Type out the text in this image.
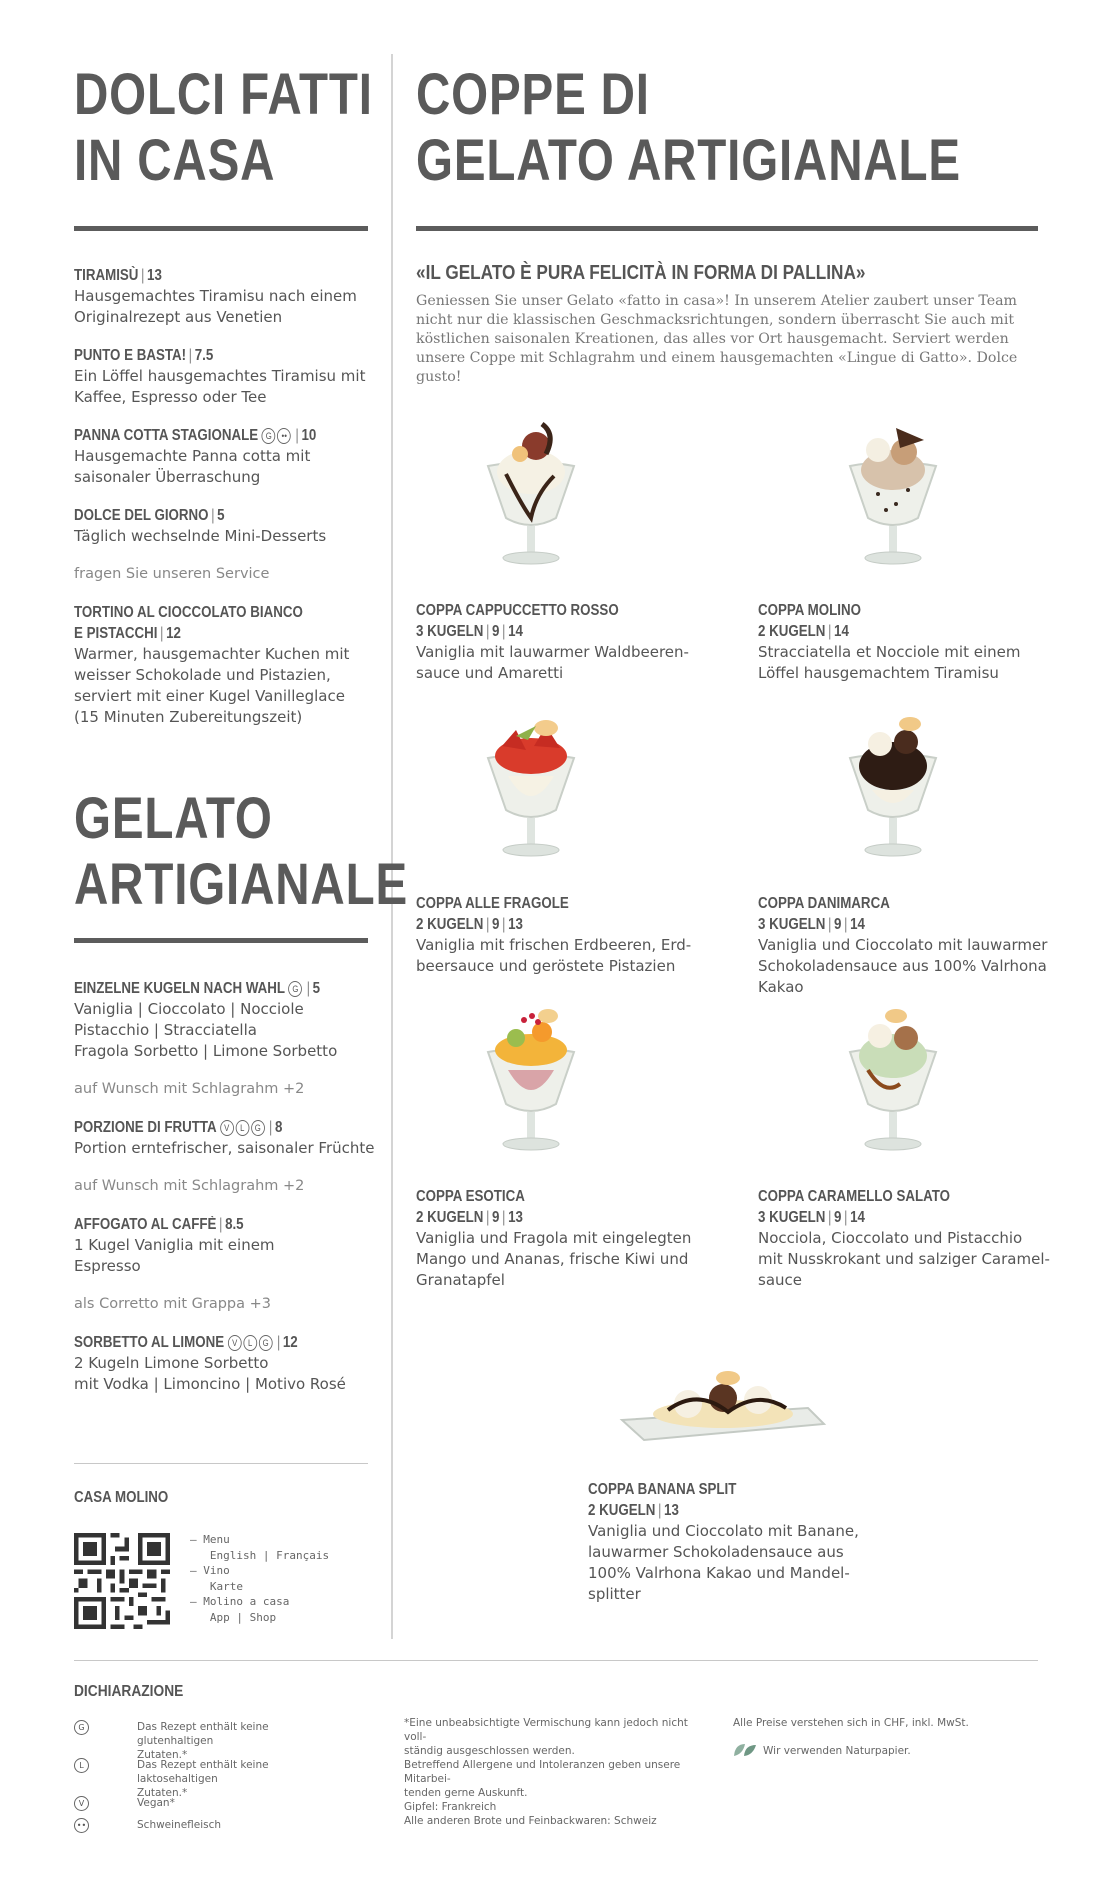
DOLCI FATTI
IN CASA
TIRAMISÙ | 13
Hausgemachtes Tiramisu nach einem
Originalrezept aus Venetien
PUNTO E BASTA! | 7.5
Ein Löffel hausgemachtes Tiramisu mit
Kaffee, Espresso oder Tee
PANNA COTTA STAGIONALE G •• | 10
Hausgemachte Panna cotta mit
saisonaler Überraschung
DOLCE DEL GIORNO | 5
Täglich wechselnde Mini-Desserts
fragen Sie unseren Service
TORTINO AL CIOCCOLATO BIANCO
E PISTACCHI | 12
Warmer, hausgemachter Kuchen mit
weisser Schokolade und Pistazien,
serviert mit einer Kugel Vanilleglace
(15 Minuten Zubereitungszeit)
GELATO
ARTIGIANALE
EINZELNE KUGELN NACH WAHL G | 5
Vaniglia | Cioccolato | Nocciole
Pistacchio | Stracciatella
Fragola Sorbetto | Limone Sorbetto
auf Wunsch mit Schlagrahm +2
PORZIONE DI FRUTTA V L G | 8
Portion erntefrischer, saisonaler Früchte
auf Wunsch mit Schlagrahm +2
AFFOGATO AL CAFFÈ | 8.5
1 Kugel Vaniglia mit einem
Espresso
als Corretto mit Grappa +3
SORBETTO AL LIMONE V L G | 12
2 Kugeln Limone Sorbetto
mit Vodka | Limoncino | Motivo Rosé
CASA MOLINO
– Menu
English | Français
– Vino
Karte
– Molino a casa
App | Shop
COPPE DI
GELATO ARTIGIANALE
«IL GELATO È PURA FELICITÀ IN FORMA DI PALLINA»

Geniessen Sie unser Gelato «fatto in casa»! In unserem Atelier zaubert unser Team nicht nur die klassischen Geschmacksrichtungen, sondern überrascht Sie auch mit köstlichen saisonalen Kreationen, das alles vor Ort hausgemacht. Serviert werden unsere Coppe mit Schlagrahm und einem hausgemachten «Lingue di Gatto». Dolce gusto!

COPPA CAPPUCCETTO ROSSO
3 KUGELN | 9 | 14
Vaniglia mit lauwarmer Waldbeeren-
sauce und Amaretti
COPPA MOLINO
2 KUGELN | 14
Stracciatella et Nocciole mit einem
Löffel hausgemachtem Tiramisu
COPPA ALLE FRAGOLE
2 KUGELN | 9 | 13
Vaniglia mit frischen Erdbeeren, Erd-
beersauce und geröstete Pistazien
COPPA DANIMARCA
3 KUGELN | 9 | 14
Vaniglia und Cioccolato mit lauwarmer
Schokoladensauce aus 100% Valrhona
Kakao
COPPA ESOTICA
2 KUGELN | 9 | 13
Vaniglia und Fragola mit eingelegten
Mango und Ananas, frische Kiwi und
Granatapfel
COPPA CARAMELLO SALATO
3 KUGELN | 9 | 14
Nocciola, Cioccolato und Pistacchio
mit Nusskrokant und salziger Caramel-
sauce
COPPA BANANA SPLIT
2 KUGELN | 13
Vaniglia und Cioccolato mit Banane,
lauwarmer Schokoladensauce aus
100% Valrhona Kakao und Mandel-
splitter
DICHIARAZIONE
G	Das Rezept enthält keine glutenhaltigen
Zutaten.*
L	Das Rezept enthält keine laktosehaltigen
Zutaten.*
V	Vegan*
••	Schweinefleisch

*Eine unbeabsichtigte Vermischung kann jedoch nicht voll-
ständig ausgeschlossen werden.

Betreffend Allergene und Intoleranzen geben unsere Mitarbei-
tenden gerne Auskunft.

Gipfel: Frankreich
Alle anderen Brote und Feinbackwaren: Schweiz

Alle Preise verstehen sich in CHF, inkl. MwSt.

Wir verwenden Naturpapier.
